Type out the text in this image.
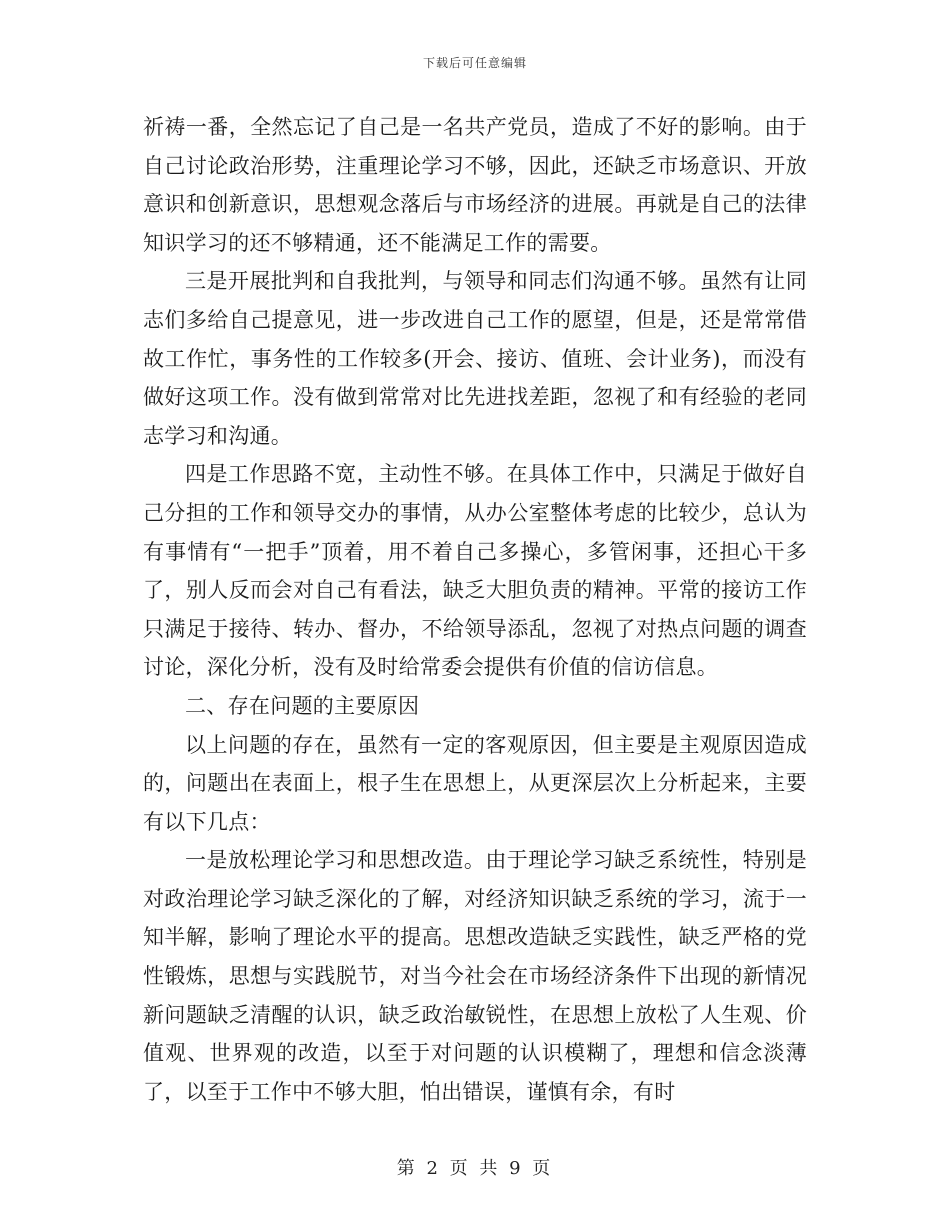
下载后可任意编辑

祈祷一番，全然忘记了自己是一名共产党员，造成了不好的影响。由于自己讨论政治形势，注重理论学习不够，因此，还缺乏市场意识、开放意识和创新意识，思想观念落后与市场经济的进展。再就是自己的法律知识学习的还不够精通，还不能满足工作的需要。

三是开展批判和自我批判，与领导和同志们沟通不够。虽然有让同志们多给自己提意见，进一步改进自己工作的愿望，但是，还是常常借故工作忙，事务性的工作较多(开会、接访、值班、会计业务)，而没有做好这项工作。没有做到常常对比先进找差距，忽视了和有经验的老同志学习和沟通。

四是工作思路不宽，主动性不够。在具体工作中，只满足于做好自己分担的工作和领导交办的事情，从办公室整体考虑的比较少，总认为有事情有“一把手”顶着，用不着自己多操心，多管闲事，还担心干多了，别人反而会对自己有看法，缺乏大胆负责的精神。平常的接访工作只满足于接待、转办、督办，不给领导添乱，忽视了对热点问题的调查讨论，深化分析，没有及时给常委会提供有价值的信访信息。

二、存在问题的主要原因

以上问题的存在，虽然有一定的客观原因，但主要是主观原因造成的，问题出在表面上，根子生在思想上，从更深层次上分析起来，主要有以下几点：

一是放松理论学习和思想改造。由于理论学习缺乏系统性，特别是对政治理论学习缺乏深化的了解，对经济知识缺乏系统的学习，流于一知半解，影响了理论水平的提高。思想改造缺乏实践性，缺乏严格的党性锻炼，思想与实践脱节，对当今社会在市场经济条件下出现的新情况新问题缺乏清醒的认识，缺乏政治敏锐性，在思想上放松了人生观、价值观、世界观的改造，以至于对问题的认识模糊了，理想和信念淡薄了，以至于工作中不够大胆，怕出错误，谨慎有余，有时

第 2 页 共 9 页
